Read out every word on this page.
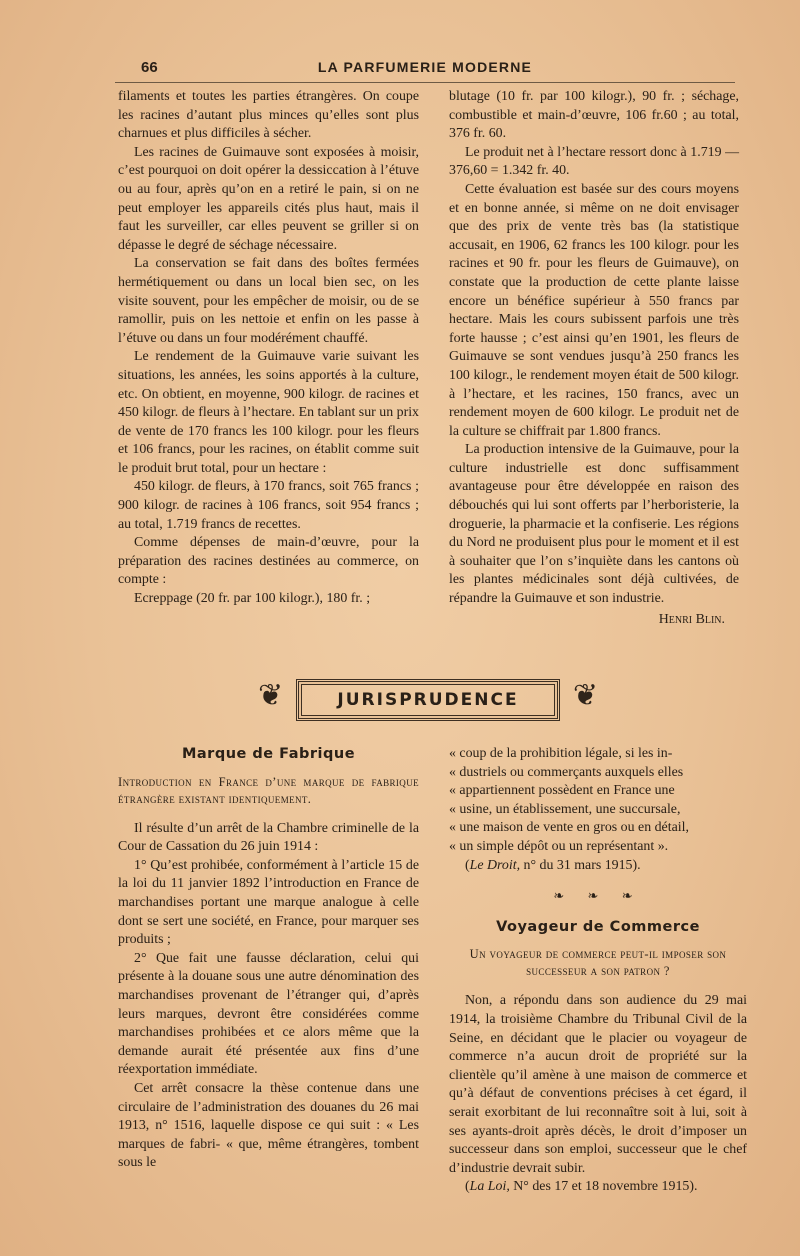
66	LA PARFUMERIE MODERNE

filaments et toutes les parties étrangères. On coupe les racines d’autant plus minces qu’elles sont plus charnues et plus difficiles à sécher.

Les racines de Guimauve sont exposées à moisir, c’est pourquoi on doit opérer la dessiccation à l’étuve ou au four, après qu’on en a retiré le pain, si on ne peut employer les appareils cités plus haut, mais il faut les surveiller, car elles peuvent se griller si on dépasse le degré de séchage nécessaire.

La conservation se fait dans des boîtes fermées hermétiquement ou dans un local bien sec, on les visite souvent, pour les empêcher de moisir, ou de se ramollir, puis on les nettoie et enfin on les passe à l’étuve ou dans un four modérément chauffé.

Le rendement de la Guimauve varie suivant les situations, les années, les soins apportés à la culture, etc. On obtient, en moyenne, 900 kilogr. de racines et 450 kilogr. de fleurs à l’hectare. En tablant sur un prix de vente de 170 francs les 100 kilogr. pour les fleurs et 106 francs, pour les racines, on établit comme suit le produit brut total, pour un hectare :

450 kilogr. de fleurs, à 170 francs, soit 765 francs ; 900 kilogr. de racines à 106 francs, soit 954 francs ; au total, 1.719 francs de recettes.

Comme dépenses de main-d’œuvre, pour la préparation des racines destinées au commerce, on compte :

Ecreppage (20 fr. par 100 kilogr.), 180 fr. ;

blutage (10 fr. par 100 kilogr.), 90 fr. ; séchage, combustible et main-d’œuvre, 106 fr.60 ; au total, 376 fr. 60.

Le produit net à l’hectare ressort donc à 1.719 — 376,60 = 1.342 fr. 40.

Cette évaluation est basée sur des cours moyens et en bonne année, si même on ne doit envisager que des prix de vente très bas (la statistique accusait, en 1906, 62 francs les 100 kilogr. pour les racines et 90 fr. pour les fleurs de Guimauve), on constate que la production de cette plante laisse encore un bénéfice supérieur à 550 francs par hectare. Mais les cours subissent parfois une très forte hausse ; c’est ainsi qu’en 1901, les fleurs de Guimauve se sont vendues jusqu’à 250 francs les 100 kilogr., le rendement moyen était de 500 kilogr. à l’hectare, et les racines, 150 francs, avec un rendement moyen de 600 kilogr. Le produit net de la culture se chiffrait par 1.800 francs.

La production intensive de la Guimauve, pour la culture industrielle est donc suffisamment avantageuse pour être développée en raison des débouchés qui lui sont offerts par l’herboristerie, la droguerie, la pharmacie et la confiserie. Les régions du Nord ne produisent plus pour le moment et il est à souhaiter que l’on s’inquiète dans les cantons où les plantes médicinales sont déjà cultivées, de répandre la Guimauve et son industrie.

Henri Blin.
❦	JURISPRUDENCE ❦
Marque de Fabrique
Introduction en France d’une marque de fabrique étrangère existant identiquement.

Il résulte d’un arrêt de la Chambre criminelle de la Cour de Cassation du 26 juin 1914 :

1° Qu’est prohibée, conformément à l’article 15 de la loi du 11 janvier 1892 l’introduction en France de marchandises portant une marque analogue à celle dont se sert une société, en France, pour marquer ses produits ;

2° Que fait une fausse déclaration, celui qui présente à la douane sous une autre dénomination des marchandises provenant de l’étranger qui, d’après leurs marques, devront être considérées comme marchandises prohibées et ce alors même que la demande aurait été présentée aux fins d’une réexportation immédiate.

Cet arrêt consacre la thèse contenue dans une circulaire de l’administration des douanes du 26 mai 1913, n° 1516, laquelle dispose ce qui suit : « Les marques de fabri- « que, même étrangères, tombent sous le

« coup de la prohibition légale, si les in-

« dustriels ou commerçants auxquels elles

« appartiennent possèdent en France une

« usine, un établissement, une succursale,

« une maison de vente en gros ou en détail,

« un simple dépôt ou un représentant ».

(Le Droit, n° du 31 mars 1915).

❧ ❧ ❧
Voyageur de Commerce
Un voyageur de commerce peut-il imposer son successeur a son patron ?

Non, a répondu dans son audience du 29 mai 1914, la troisième Chambre du Tribunal Civil de la Seine, en décidant que le placier ou voyageur de commerce n’a aucun droit de propriété sur la clientèle qu’il amène à une maison de commerce et qu’à défaut de conventions précises à cet égard, il serait exorbitant de lui reconnaître soit à lui, soit à ses ayants-droit après décès, le droit d’imposer un successeur dans son emploi, successeur que le chef d’industrie devrait subir.

(La Loi, N° des 17 et 18 novembre 1915).
